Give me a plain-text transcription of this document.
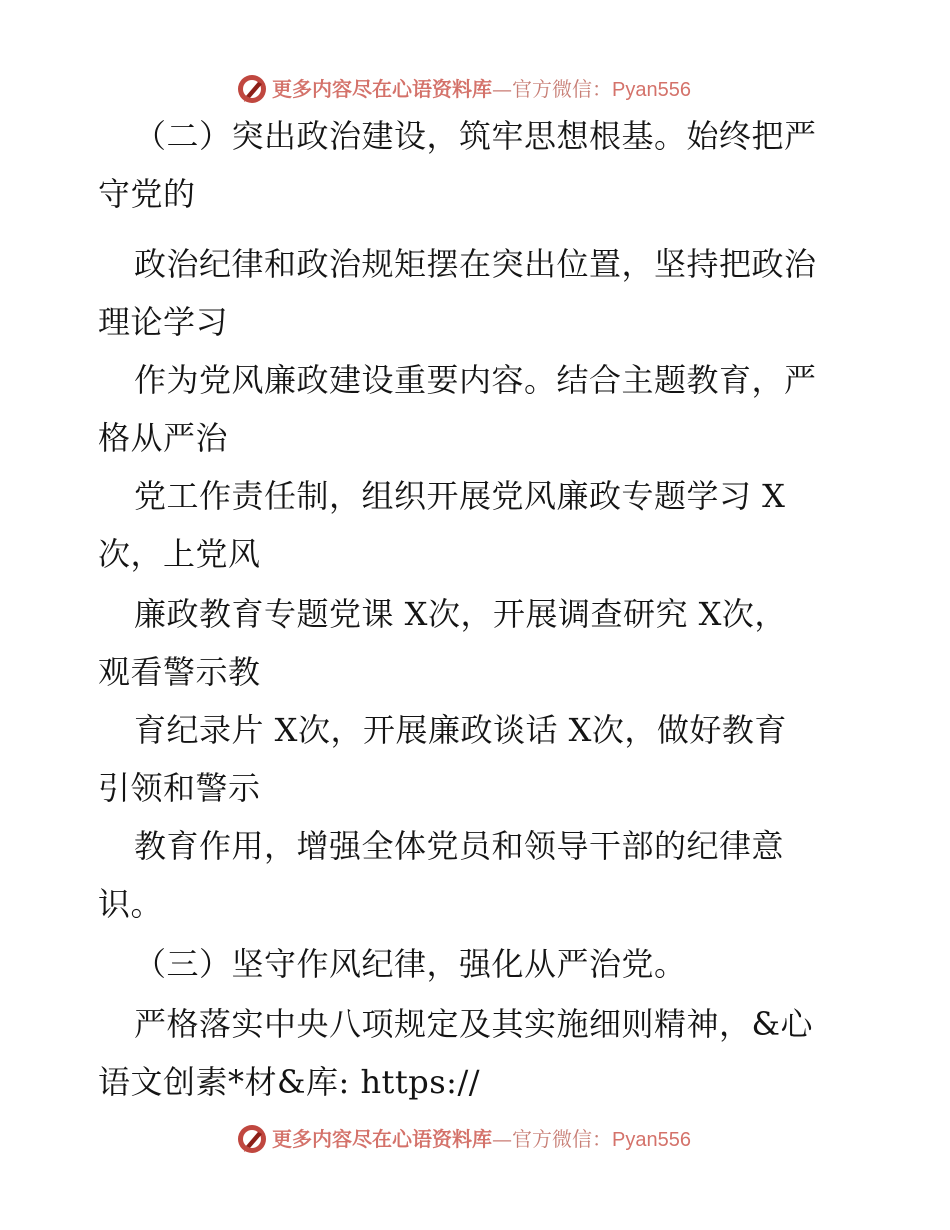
更多内容尽在心语资料库—官方微信：Pyan556
（二）突出政治建设，筑牢思想根基。始终把严
守党的
政治纪律和政治规矩摆在突出位置，坚持把政治
理论学习
作为党风廉政建设重要内容。结合主题教育，严
格从严治
党工作责任制，组织开展党风廉政专题学习 X
次，上党风
廉政教育专题党课 X次，开展调查研究 X次，
观看警示教
育纪录片 X次，开展廉政谈话 X次，做好教育
引领和警示
教育作用，增强全体党员和领导干部的纪律意
识。
（三）坚守作风纪律，强化从严治党。
严格落实中央八项规定及其实施细则精神，&心
语文创素*材&库: https://
更多内容尽在心语资料库—官方微信：Pyan556
